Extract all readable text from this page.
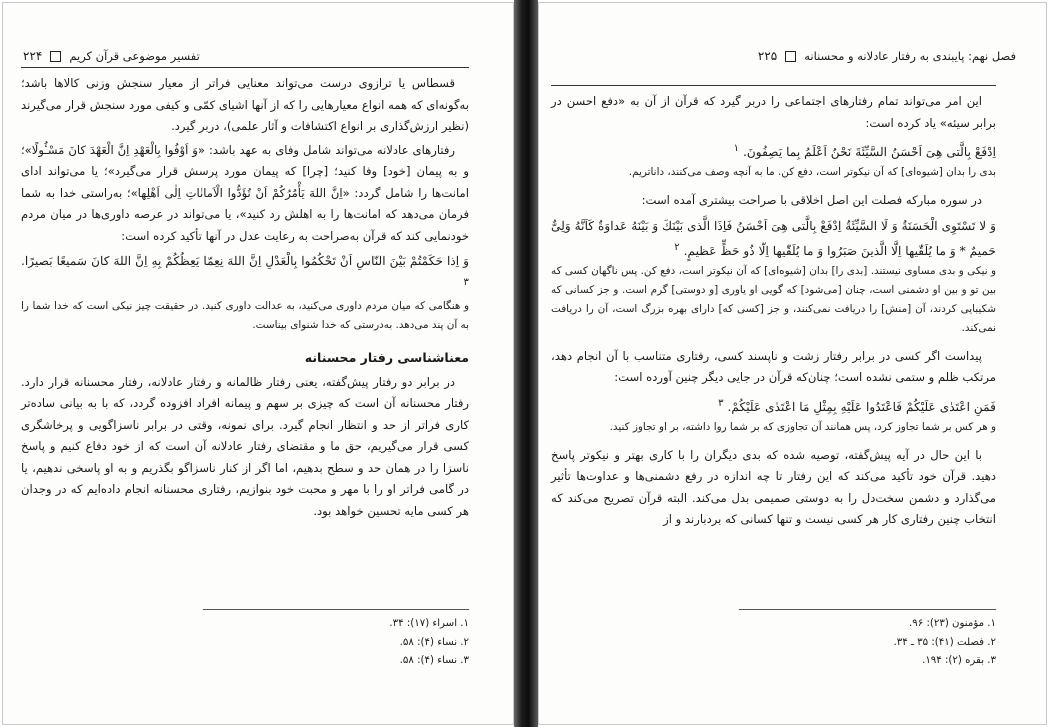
۲۲۴ تفسیر موضوعی قرآن کریم

قسطاس یا ترازوی درست می‌تواند معنایی فراتر از معیار سنجش وزنی کالاها باشد؛ به‌گونه‌ای که همه انواع معیارهایی را که از آنها اشیای کمّی و کیفی مورد سنجش قرار می‌گیرند (نظیر ارزش‌گذاری بر انواع اکتشافات و آثار علمی)، دربر گیرد.

رفتارهای عادلانه می‌تواند شامل وفای به عهد باشد: «وَ اَوْفُوا بِالْعَهْدِ اِنَّ الْعَهْدَ كانَ مَسْـُٔولًا»؛ و به پیمان [خود] وفا کنید؛ [چرا] که پیمان مورد پرسش قرار می‌گیرد»؛ یا می‌تواند ادای امانت‌ها را شامل گردد: «اِنَّ اللهَ یَأْمُرُكُمْ اَنْ تُؤَدُّوا الْاَمانٰاتِ اِلٰى اَهْلِها»؛ به‌راستی خدا به شما فرمان می‌دهد که امانت‌ها را به اهلش رد کنید»، یا می‌تواند در عرصه داوری‌ها در میان مردم خودنمایی کند که قرآن به‌صراحت به رعایت عدل در آنها تأکید کرده است:

وَ اِذا حَكَمْتُمْ بَیْنَ النّاسِ اَنْ تَحْكُمُوا بِالْعَدْلِ اِنَّ اللهَ نِعِمّا یَعِظُكُمْ بِهِ اِنَّ اللهَ كانَ سَمیعًا بَصیرًا. $^۳$

و هنگامی که میان مردم داوری می‌کنید، به عدالت داوری کنید. در حقیقت چیز نیکی است که خدا شما را به آن پند می‌دهد. به‌درستی که خدا شنوای بیناست.

معناشناسی رفتار محسنانه

در برابر دو رفتار پیش‌گفته، یعنی رفتار ظالمانه و رفتار عادلانه، رفتار محسنانه قرار دارد. رفتار محسنانه آن است که چیزی بر سهم و پیمانه افراد افزوده گردد، که با به بیانی ساده‌تر کاری فراتر از حد و انتظار انجام گیرد. برای نمونه، وقتی در برابر ناسزاگویی و پرخاشگری کسی قرار می‌گیریم، حق ما و مقتضای رفتار عادلانه آن است که از خود دفاع کنیم و پاسخ ناسزا را در همان حد و سطح بدهیم، اما اگر از کنار ناسزاگو بگذریم و به او پاسخی ندهیم، یا در گامی فراتر او را با مهر و محبت خود بنوازیم، رفتاری محسنانه انجام داده‌ایم که در وجدان هر کسی مایه تحسین خواهد بود.

۱. اسراء (۱۷): ۳۴.
۲. نساء (۴): ۵۸.
۳. نساء (۴): ۵۸.
فصل نهم: پایبندی به رفتار عادلانه و محسنانه
۲۲۵

این امر می‌تواند تمام رفتارهای اجتماعی را دربر گیرد که قرآن از آن به «دفع احسن در برابر سیئه» یاد کرده است:

اِدْفَعْ بِالَّتی هِیَ اَحْسَنُ السَّیِّئَةَ نَحْنُ اَعْلَمُ بِما یَصِفُونَ. $^۱$

بدی را بدان [شیوه‌ای] که آن نیکوتر است، دفع کن. ما به آنچه وصف می‌کنند، داناتریم.

در سوره مبارکه فصلت این اصل اخلاقی با صراحت بیشتری آمده است:

وَ لا تَسْتَوِی الْحَسَنَةُ وَ لَا السَّیِّئَةُ اِدْفَعْ بِالَّتی هِیَ اَحْسَنُ فَاِذَا الَّذی بَیْنَكَ وَ بَیْنَهُ عَداوَةٌ كَاَنَّهُ وَلِیٌّ حَمیمٌ * وَ ما یُلَقّٰیها اِلَّا الَّذینَ صَبَرُوا وَ ما یُلَقّٰیها اِلّا ذُو حَظٍّ عَظیمٍ. $^۲$

و نیکی و بدی مساوی نیستند. [بدی را] بدان [شیوه‌ای] که آن نیکوتر است، دفع کن. پس ناگهان کسی که بین تو و بین او دشمنی است، چنان [می‌شود] که گویی او یاوری [و دوستی] گرم است. و جز کسانی که شکیبایی کردند، آن [منش] را دریافت نمی‌کنند، و جز [کسی که] دارای بهره بزرگ است، آن را دریافت نمی‌کند.

پیداست اگر کسی در برابر رفتار زشت و ناپسند کسی، رفتاری متناسب با آن انجام دهد، مرتکب ظلم و ستمی نشده است؛ چنان‌که قرآن در جایی دیگر چنین آورده است:

فَمَنِ اعْتَدٰى عَلَیْكُمْ فَاعْتَدُوا عَلَیْهِ بِمِثْلِ مَا اعْتَدٰى عَلَیْكُمْ. $^۳$

و هر کس بر شما تجاوز کرد، پس همانند آن تجاوزی که بر شما روا داشته، بر او تجاوز کنید.

با این حال در آیه پیش‌گفته، توصیه شده که بدی دیگران را با کاری بهتر و نیکوتر پاسخ دهید. قرآن خود تأکید می‌کند که این رفتار تا چه اندازه در رفع دشمنی‌ها و عداوت‌ها تأثیر می‌گذارد و دشمن سخت‌دل را به دوستی صمیمی بدل می‌کند. البته قرآن تصریح می‌کند که انتخاب چنین رفتاری کار هر کسی نیست و تنها کسانی که بردبارند و از

۱. مؤمنون (۲۳): ۹۶.
۲. فصلت (۴۱): ۳۵ ـ ۳۴.
۳. بقره (۲): ۱۹۴.
